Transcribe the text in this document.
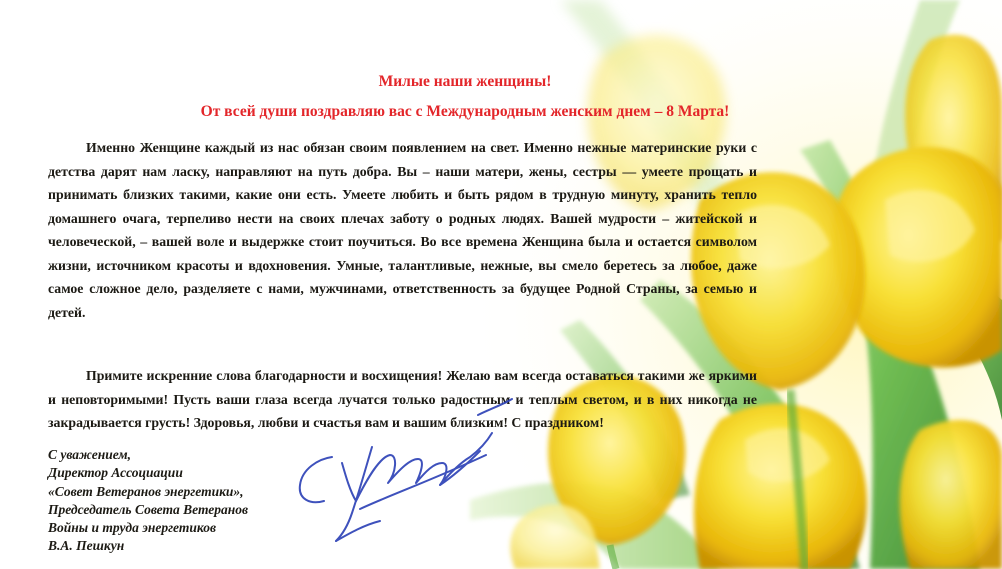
Милые наши женщины!

От всей души поздравляю вас с Международным женским днем – 8 Марта!

Именно Женщине каждый из нас обязан своим появлением на свет. Именно нежные материнские руки с детства дарят нам ласку, направляют на путь добра. Вы – наши матери, жены, сестры — умеете прощать и принимать близких такими, какие они есть. Умеете любить и быть рядом в трудную минуту, хранить тепло домашнего очага, терпеливо нести на своих плечах заботу о родных людях. Вашей мудрости – житейской и человеческой, – вашей воле и выдержке стоит поучиться. Во все времена Женщина была и остается символом жизни, источником красоты и вдохновения. Умные, талантливые, нежные, вы смело беретесь за любое, даже самое сложное дело, разделяете с нами, мужчинами, ответственность за будущее Родной Страны, за семью и детей.

Примите искренние слова благодарности и восхищения! Желаю вам всегда оставаться такими же яркими и неповторимыми! Пусть ваши глаза всегда лучатся только радостным и теплым светом, и в них никогда не закрадывается грусть! Здоровья, любви и счастья вам и вашим близким! С праздником!

С уважением,
Директор Ассоциации
«Совет Ветеранов энергетики»,
Председатель Совета Ветеранов
Войны и труда энергетиков
В.А. Пешкун
